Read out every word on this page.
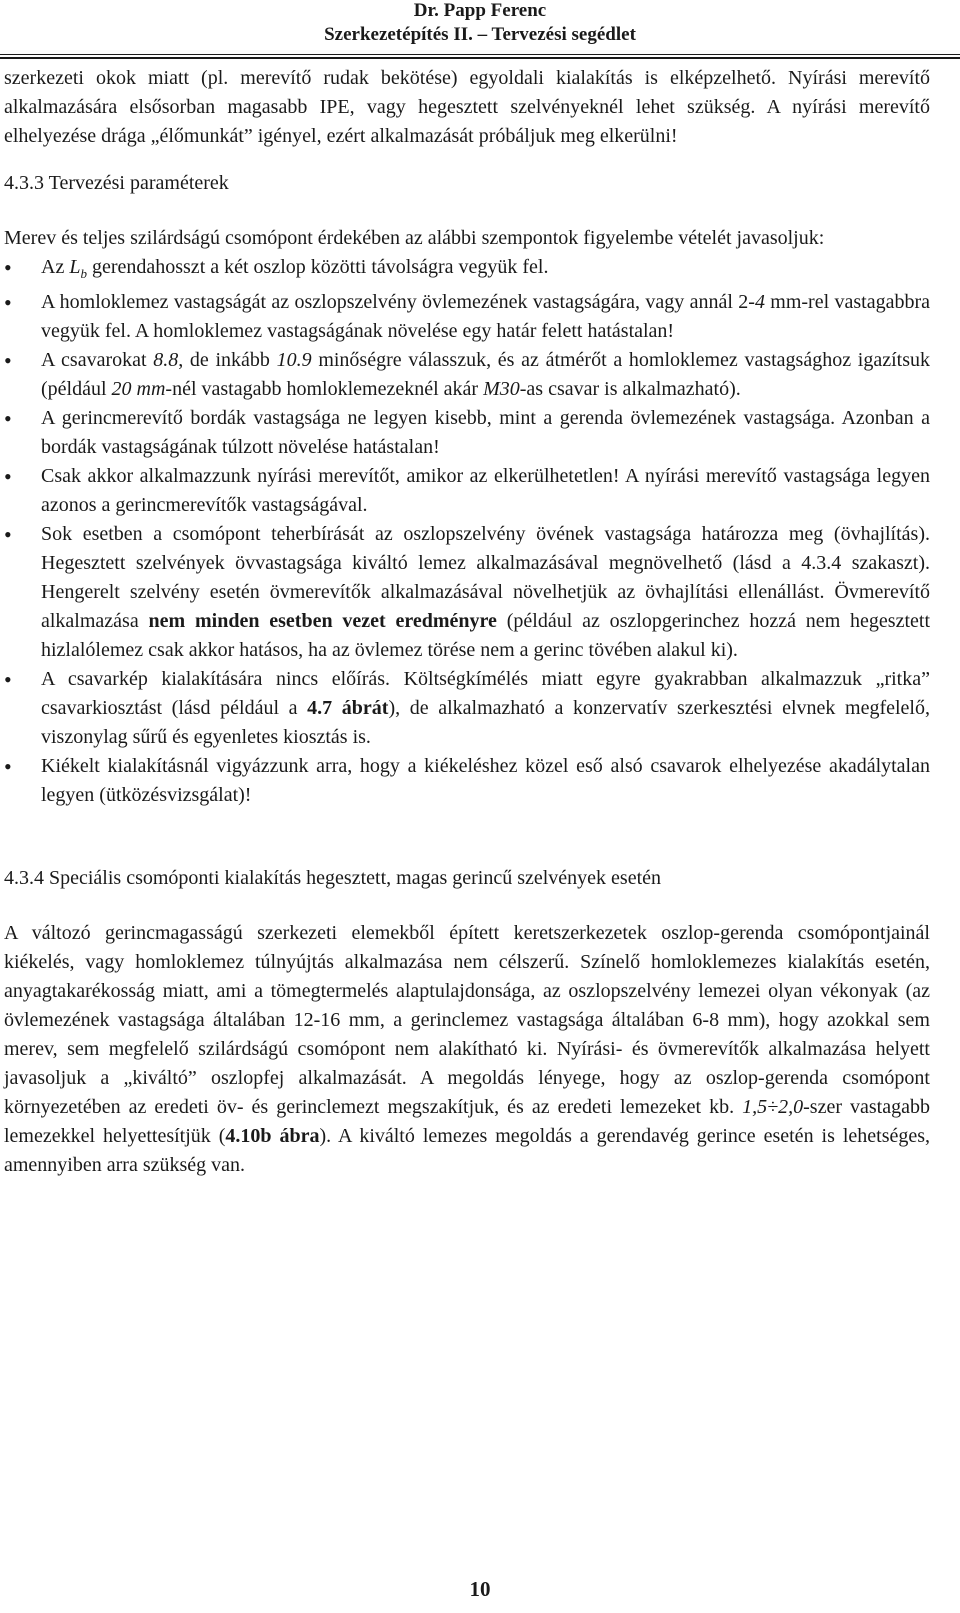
Dr. Papp Ferenc
Szerkezetépítés II. – Tervezési segédlet

szerkezeti okok miatt (pl. merevítő rudak bekötése) egyoldali kialakítás is elképzelhető. Nyírási merevítő alkalmazására elsősorban magasabb IPE, vagy hegesztett szelvényeknél lehet szükség. A nyírási merevítő elhelyezése drága „élőmunkát” igényel, ezért alkalmazását próbáljuk meg elkerülni!

4.3.3 Tervezési paraméterek

Merev és teljes szilárdságú csomópont érdekében az alábbi szempontok figyelembe vételét javasoljuk:

• Az $L_b$ gerendahosszt a két oszlop közötti távolságra vegyük fel.
• A homloklemez vastagságát az oszlopszelvény övlemezének vastagságára, vagy annál 2-4 mm-rel vastagabbra vegyük fel. A homloklemez vastagságának növelése egy határ felett hatástalan!
• A csavarokat 8.8, de inkább 10.9 minőségre válasszuk, és az átmérőt a homloklemez vastagsághoz igazítsuk (például 20 mm-nél vastagabb homloklemezeknél akár M30-as csavar is alkalmazható).
• A gerincmerevítő bordák vastagsága ne legyen kisebb, mint a gerenda övlemezének vastagsága. Azonban a bordák vastagságának túlzott növelése hatástalan!
• Csak akkor alkalmazzunk nyírási merevítőt, amikor az elkerülhetetlen! A nyírási merevítő vastagsága legyen azonos a gerincmerevítők vastagságával.
• Sok esetben a csomópont teherbírását az oszlopszelvény övének vastagsága határozza meg (övhajlítás). Hegesztett szelvények övvastagsága kiváltó lemez alkalmazásával megnövelhető (lásd a 4.3.4 szakaszt). Hengerelt szelvény esetén övmerevítők alkalmazásával növelhetjük az övhajlítási ellenállást. Övmerevítő alkalmazása nem minden esetben vezet eredményre (például az oszlopgerinchez hozzá nem hegesztett hizlalólemez csak akkor hatásos, ha az övlemez törése nem a gerinc tövében alakul ki).
• A csavarkép kialakítására nincs előírás. Költségkímélés miatt egyre gyakrabban alkalmazzuk „ritka” csavarkiosztást (lásd például a 4.7 ábrát), de alkalmazható a konzervatív szerkesztési elvnek megfelelő, viszonylag sűrű és egyenletes kiosztás is.
• Kiékelt kialakításnál vigyázzunk arra, hogy a kiékeléshez közel eső alsó csavarok elhelyezése akadálytalan legyen (ütközésvizsgálat)!

4.3.4 Speciális csomóponti kialakítás hegesztett, magas gerincű szelvények esetén

A változó gerincmagasságú szerkezeti elemekből épített keretszerkezetek oszlop-gerenda csomópontjainál kiékelés, vagy homloklemez túlnyújtás alkalmazása nem célszerű. Színelő homloklemezes kialakítás esetén, anyagtakarékosság miatt, ami a tömegtermelés alaptulajdonsága, az oszlopszelvény lemezei olyan vékonyak (az övlemezének vastagsága általában 12-16 mm, a gerinclemez vastagsága általában 6-8 mm), hogy azokkal sem merev, sem megfelelő szilárdságú csomópont nem alakítható ki. Nyírási- és övmerevítők alkalmazása helyett javasoljuk a „kiváltó” oszlopfej alkalmazását. A megoldás lényege, hogy az oszlop-gerenda csomópont környezetében az eredeti öv- és gerinclemezt megszakítjuk, és az eredeti lemezeket kb. 1,5÷2,0-szer vastagabb lemezekkel helyettesítjük (4.10b ábra). A kiváltó lemezes megoldás a gerendavég gerince esetén is lehetséges, amennyiben arra szükség van.

10
